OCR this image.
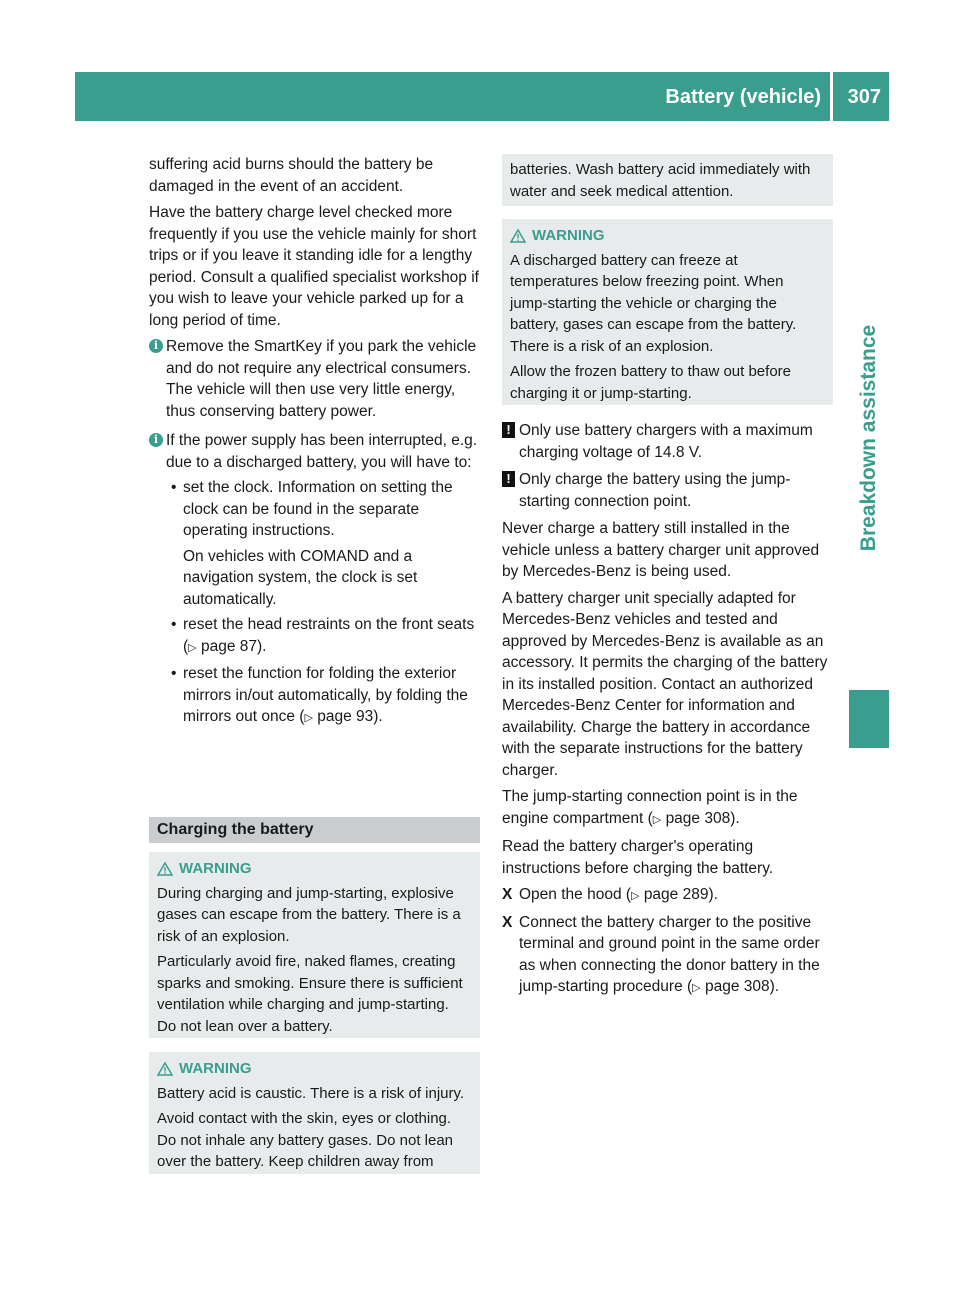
Battery (vehicle) 307
Breakdown assistance

suffering acid burns should the battery be damaged in the event of an accident.

Have the battery charge level checked more frequently if you use the vehicle mainly for short trips or if you leave it standing idle for a lengthy period. Consult a qualified specialist workshop if you wish to leave your vehicle parked up for a long period of time.

i Remove the SmartKey if you park the vehicle and do not require any electrical consumers. The vehicle will then use very little energy, thus conserving battery power.
i If the power supply has been interrupted, e.g. due to a discharged battery, you will have to:
• set the clock. Information on setting the clock can be found in the separate operating instructions.
On vehicles with COMAND and a navigation system, the clock is set automatically.
• reset the head restraints on the front seats (▷ page 87).
• reset the function for folding the exterior mirrors in/out automatically, by folding the mirrors out once (▷ page 93).
Charging the battery
WARNING

During charging and jump-starting, explosive gases can escape from the battery. There is a risk of an explosion.

Particularly avoid fire, naked flames, creating sparks and smoking. Ensure there is sufficient ventilation while charging and jump-starting. Do not lean over a battery.

WARNING

Battery acid is caustic. There is a risk of injury.

Avoid contact with the skin, eyes or clothing. Do not inhale any battery gases. Do not lean over the battery. Keep children away from

batteries. Wash battery acid immediately with water and seek medical attention.

WARNING

A discharged battery can freeze at temperatures below freezing point. When jump-starting the vehicle or charging the battery, gases can escape from the battery. There is a risk of an explosion.

Allow the frozen battery to thaw out before charging it or jump-starting.

! Only use battery chargers with a maximum charging voltage of 14.8 V.
! Only charge the battery using the jump-starting connection point.

Never charge a battery still installed in the vehicle unless a battery charger unit approved by Mercedes-Benz is being used.

A battery charger unit specially adapted for Mercedes-Benz vehicles and tested and approved by Mercedes-Benz is available as an accessory. It permits the charging of the battery in its installed position. Contact an authorized Mercedes-Benz Center for information and availability. Charge the battery in accordance with the separate instructions for the battery charger.

The jump-starting connection point is in the engine compartment (▷ page 308).

Read the battery charger's operating instructions before charging the battery.

X Open the hood (▷ page 289).
X Connect the battery charger to the positive terminal and ground point in the same order as when connecting the donor battery in the jump-starting procedure (▷ page 308).
